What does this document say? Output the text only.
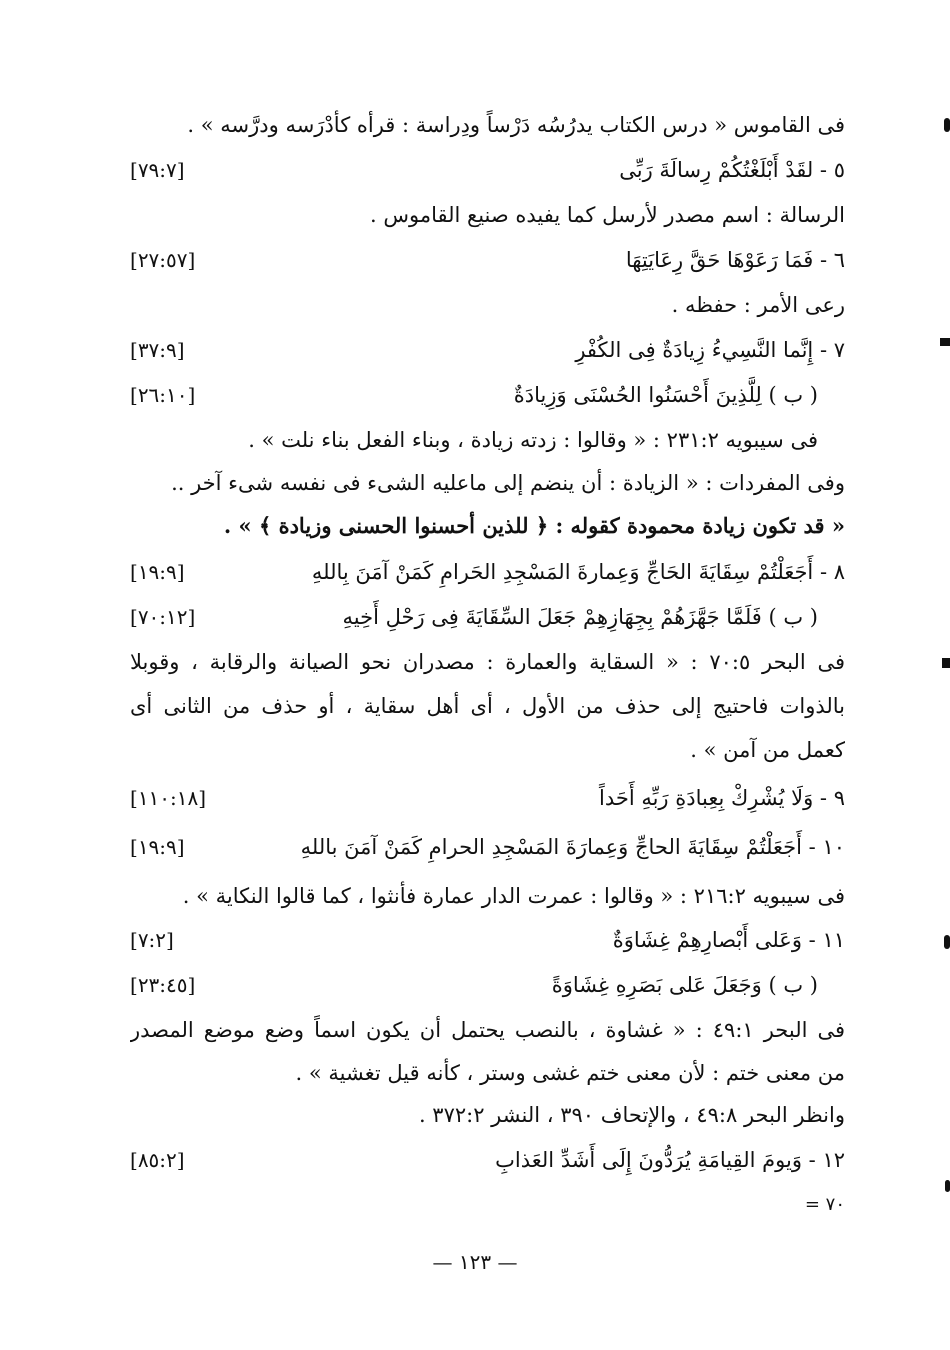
فى القاموس « درس الكتاب يدرُسُه دَرْساً ودِراسة : قرأه كأدْرَسه ودرَّسه » .
٥ - لقَدْ أَبْلَغْتُكُمْ رِسالَةَ رَبِّى
[٧٩:٧]
الرسالة : اسم مصدر لأرسل كما يفيده صنيع القاموس .
٦ - فَمَا رَعَوْهَا حَقَّ رِعَايَتِهَا
[٢٧:٥٧]
رعى الأمر : حفظه .
٧ - إِنَّما النَّسِيءُ زِيادَةٌ فِى الكُفْرِ
[٣٧:٩]
( ب ) لِلَّذِينَ أَحْسَنُوا الحُسْنَى وَزِيادَةٌ
[٢٦:١٠]
فى سيبويه ٢٣١:٢ : « وقالوا : زدته زيادة ، وبناء الفعل بناء نلت » .
وفى المفردات : « الزيادة : أن ينضم إلى ماعليه الشىء فى نفسه شىء آخر ..
« قد تكون زيادة محمودة كقوله : ﴿ للذين أحسنوا الحسنى وزيادة ﴾ » .
٨ - أَجَعَلْتُمْ سِقَايَةَ الحَاجِّ وَعِمارةَ المَسْجِدِ الحَرامِ كَمَنْ آمَنَ بِاللهِ
[١٩:٩]
( ب ) فَلَمَّا جَهَّزَهُمْ بِجِهَازِهِمْ جَعَلَ السِّقَايَةَ فِى رَحْلِ أَخِيهِ
[٧٠:١٢]
فى البحر ٧٠:٥ : « السقاية والعمارة : مصدران نحو الصيانة والرقابة ، وقوبلا
بالذوات فاحتيج إلى حذف من الأول ، أى أهل سقاية ، أو حذف من الثانى أى
كعمل من آمن » .
٩ - وَلَا يُشْرِكْ بِعِبادَةِ رَبِّهِ أَحَداً
[١١٠:١٨]
١٠ - أَجَعَلْتُمْ سِقَايَةَ الحاجِّ وَعِمارَةَ المَسْجِدِ الحرامِ كَمَنْ آمَنَ باللهِ
[١٩:٩]
فى سيبويه ٢١٦:٢ : « وقالوا : عمرت الدار عمارة فأنثوا ، كما قالوا النكاية » .
١١ - وَعَلى أَبْصارِهِمْ غِشَاوَةٌ
[٧:٢]
( ب ) وَجَعَلَ عَلى بَصَرِهِ غِشَاوَةً
[٢٣:٤٥]
فى البحر ٤٩:١ : « غشاوة ، بالنصب يحتمل أن يكون اسماً وضع موضع المصدر
من معنى ختم : لأن معنى ختم غشى وستر ، كأنه قيل تغشية » .
وانظر البحر ٤٩:٨ ، والإتحاف ٣٩٠ ، النشر ٣٧٢:٢ .
١٢ - وَيومَ القِيامَةِ يُرَدُّونَ إِلَى أَشَدِّ العَذابِ
[٨٥:٢]
٧٠ =
— ١٢٣ —
